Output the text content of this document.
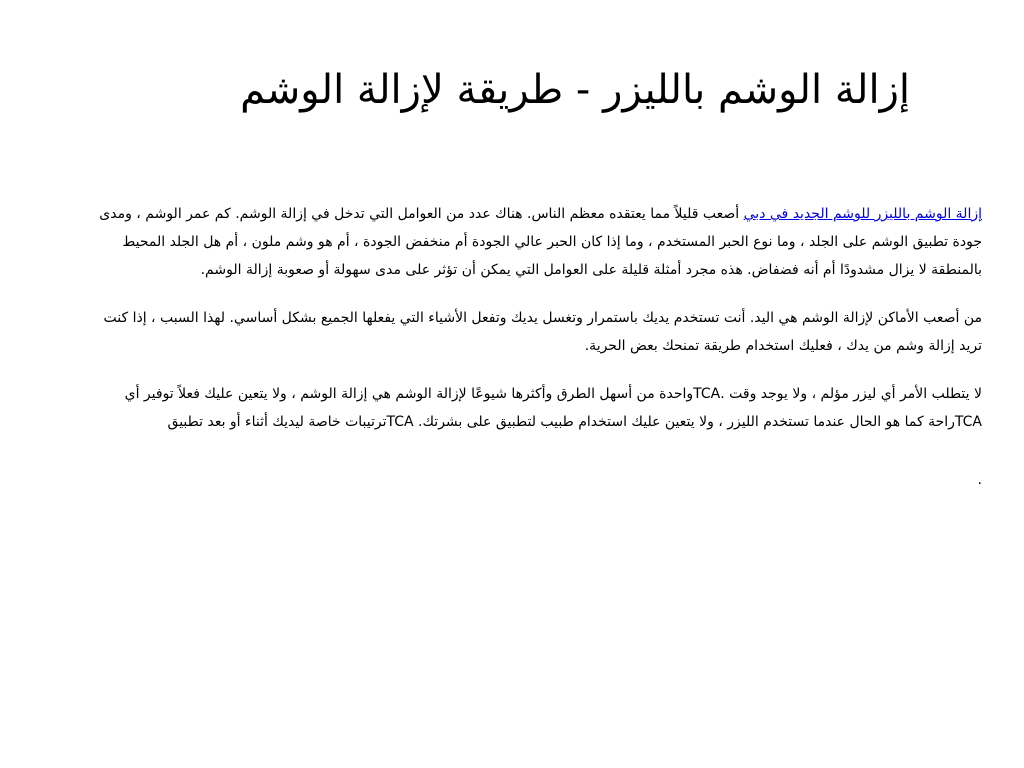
إزالة الوشم بالليزر - طريقة لإزالة الوشم

إزالة الوشم بالليزر للوشم الجديد في دبي أصعب قليلاً مما يعتقده معظم الناس. هناك عدد من العوامل التي تدخل في إزالة الوشم. كم عمر الوشم ، ومدى جودة تطبيق الوشم على الجلد ، وما نوع الحبر المستخدم ، وما إذا كان الحبر عالي الجودة أم منخفض الجودة ، أم هو وشم ملون ، أم هل الجلد المحيط بالمنطقة لا يزال مشدودًا أم أنه فضفاض. هذه مجرد أمثلة قليلة على العوامل التي يمكن أن تؤثر على مدى سهولة أو صعوبة إزالة الوشم.

من أصعب الأماكن لإزالة الوشم هي اليد. أنت تستخدم يديك باستمرار وتغسل يديك وتفعل الأشياء التي يفعلها الجميع بشكل أساسي. لهذا السبب ، إذا كنت تريد إزالة وشم من يدك ، فعليك استخدام طريقة تمنحك بعض الحرية.

لا يتطلب الأمر أي ليزر مؤلم ، ولا يوجد وقت .TCAواحدة من أسهل الطرق وأكثرها شيوعًا لإزالة الوشم هي إزالة الوشم ، ولا يتعين عليك فعلاً توفير أي TCAراحة كما هو الحال عندما تستخدم الليزر ، ولا يتعين عليك استخدام طبيب لتطبيق على بشرتك. TCAترتيبات خاصة ليديك أثناء أو بعد تطبيق

.
